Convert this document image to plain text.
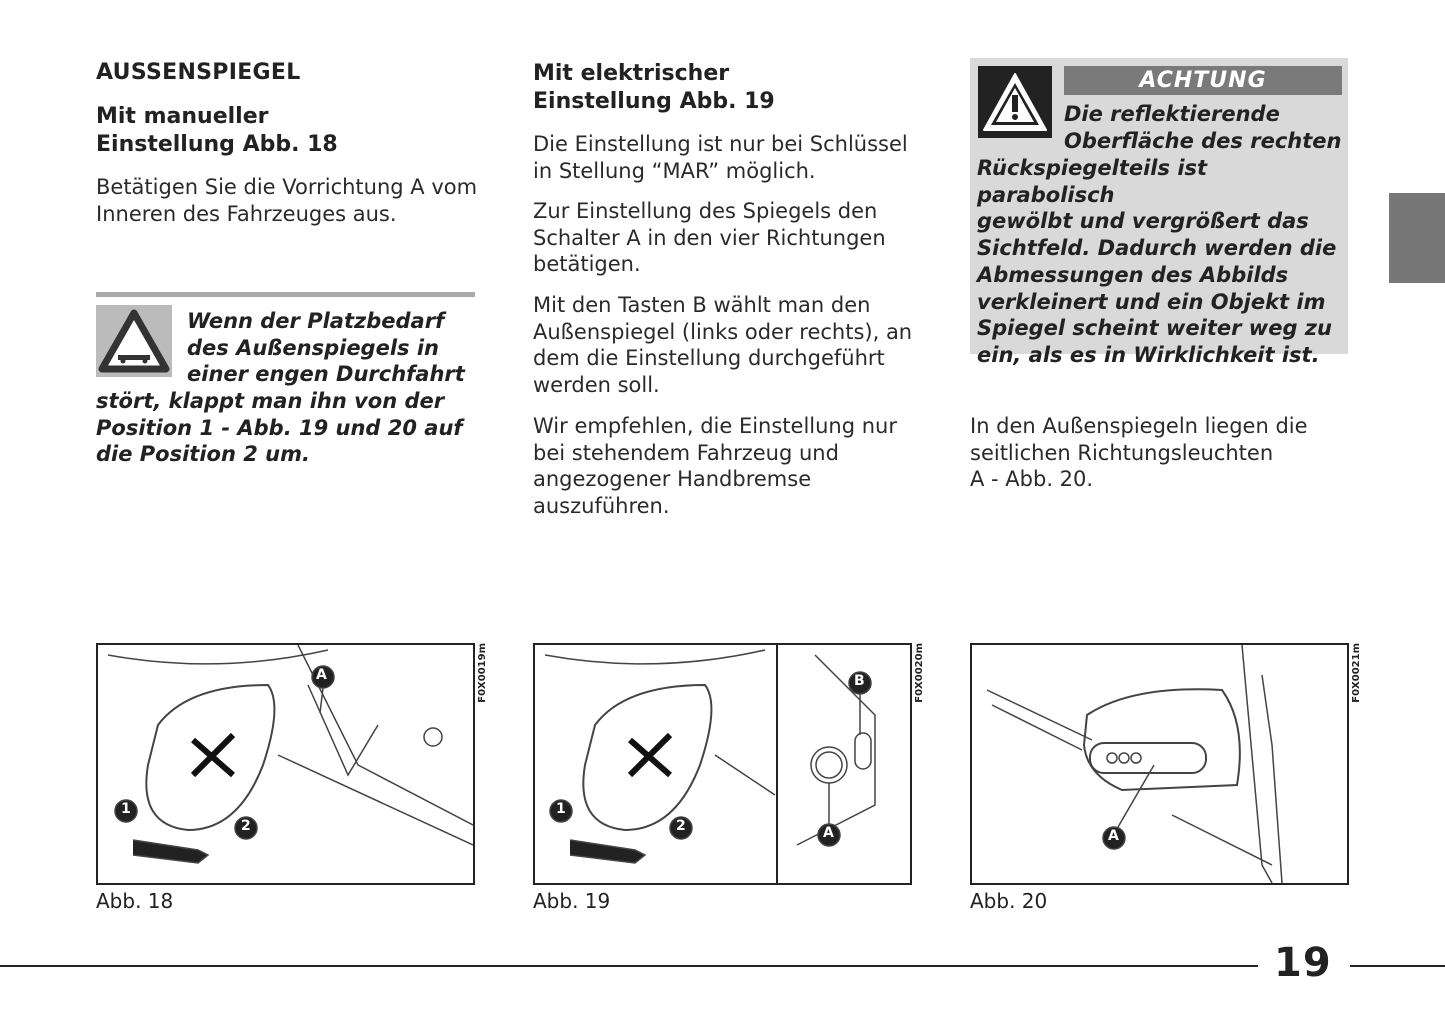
AUSSENSPIEGEL
Mit manueller
Einstellung Abb. 18
Betätigen Sie die Vorrichtung A vom
Inneren des Fahrzeuges aus.
Wenn der Platzbedarf
des Außenspiegels in
einer engen Durchfahrt
stört, klappt man ihn von der
Position 1 - Abb. 19 und 20 auf
die Position 2 um.
Mit elektrischer
Einstellung Abb. 19
Die Einstellung ist nur bei Schlüssel
in Stellung “MAR” möglich.
Zur Einstellung des Spiegels den
Schalter A in den vier Richtungen
betätigen.
Mit den Tasten B wählt man den
Außenspiegel (links oder rechts), an
dem die Einstellung durchgeführt
werden soll.
Wir empfehlen, die Einstellung nur
bei stehendem Fahrzeug und
angezogener Handbremse
auszuführen.
ACHTUNG
Die reflektierende
Oberfläche des rechten
Rückspiegelteils ist parabolisch
gewölbt und vergrößert das
Sichtfeld. Dadurch werden die
Abmessungen des Abbilds
verkleinert und ein Objekt im
Spiegel scheint weiter weg zu
ein, als es in Wirklichkeit ist.
In den Außenspiegeln liegen die
seitlichen Richtungsleuchten
A - Abb. 20.
A
1
2
F0X0019m
Abb. 18
B
A
1
2
F0X0020m
Abb. 19
A
F0X0021m
Abb. 20
19
